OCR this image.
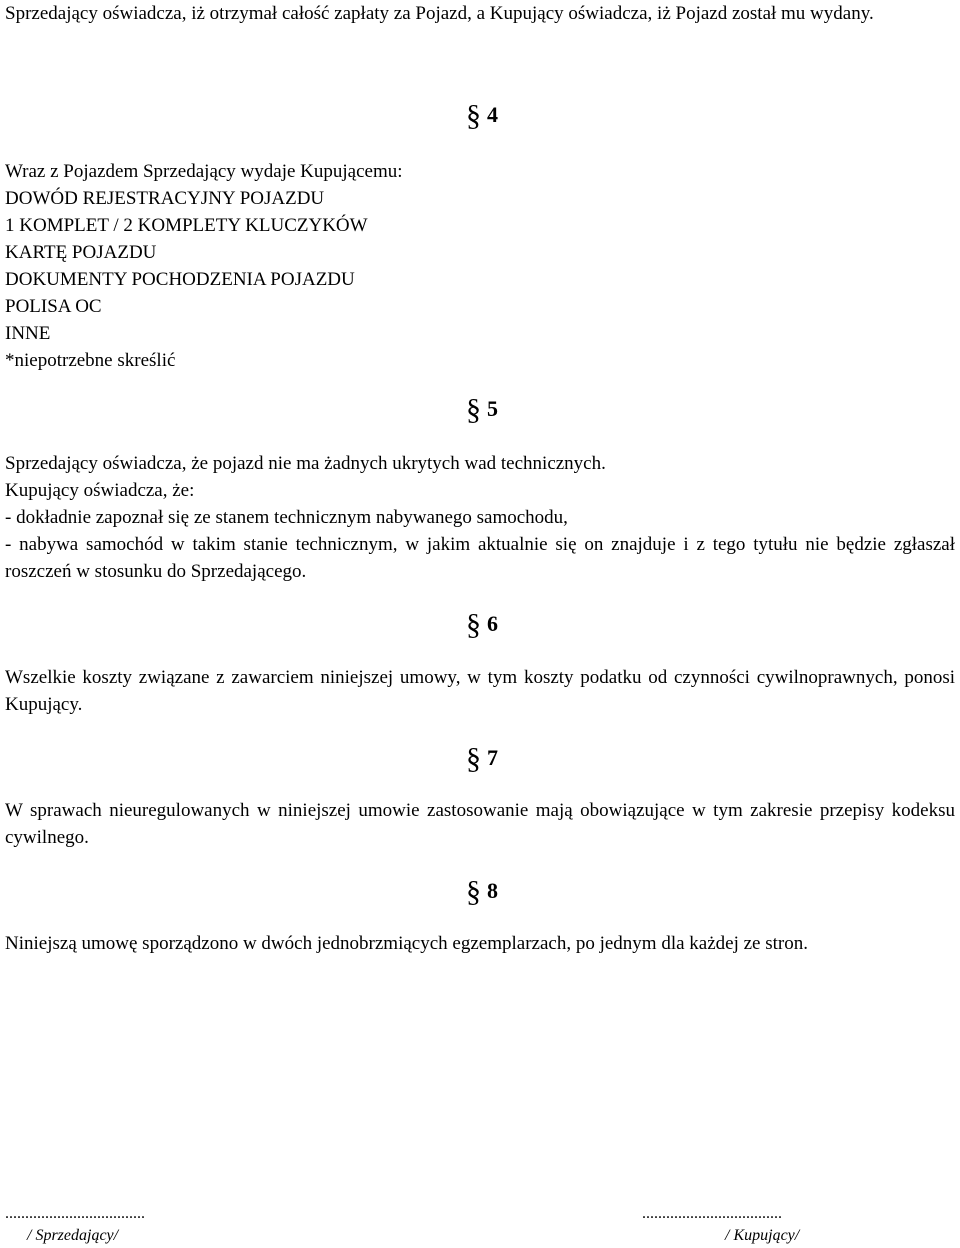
Sprzedający oświadcza, iż otrzymał całość zapłaty za Pojazd, a Kupujący oświadcza, iż Pojazd został mu wydany.

§ 4
Wraz z Pojazdem Sprzedający wydaje Kupującemu:
DOWÓD REJESTRACYJNY POJAZDU
1 KOMPLET / 2 KOMPLETY KLUCZYKÓW
KARTĘ POJAZDU
DOKUMENTY POCHODZENIA POJAZDU
POLISA OC
INNE
*niepotrzebne skreślić
§ 5
Sprzedający oświadcza, że pojazd nie ma żadnych ukrytych wad technicznych.
Kupujący oświadcza, że:
- dokładnie zapoznał się ze stanem technicznym nabywanego samochodu,
- nabywa samochód w takim stanie technicznym, w jakim aktualnie się on znajduje i z tego tytułu nie będzie zgłaszał roszczeń w stosunku do Sprzedającego.
§ 6

Wszelkie koszty związane z zawarciem niniejszej umowy, w tym koszty podatku od czynności cywilnoprawnych, ponosi Kupujący.

§ 7

W sprawach nieuregulowanych w niniejszej umowie zastosowanie mają obowiązujące w tym zakresie przepisy kodeksu cywilnego.

§ 8

Niniejszą umowę sporządzono w dwóch jednobrzmiących egzemplarzach, po jednym dla każdej ze stron.

...................................
/ Sprzedający/
...................................
/ Kupujący/
